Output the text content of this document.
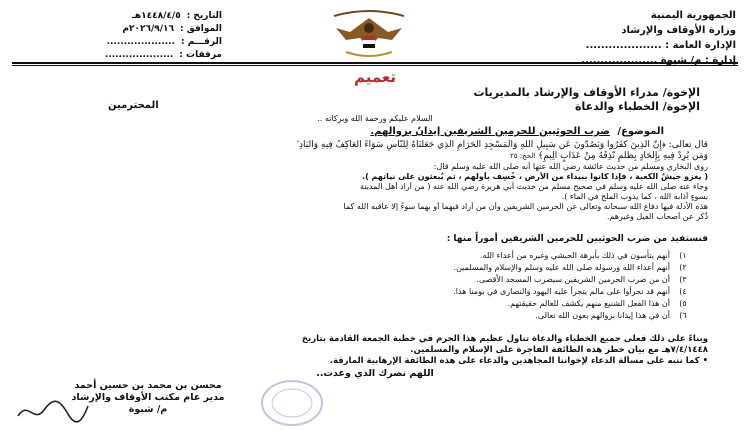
الجمهورية اليمنية
وزارة الأوقاف والإرشاد
الإدارة العامة : ....................
إدارة : م/ شبوة ....................
التاريخ :
١٤٤٨/٤/٥هـ
الموافق :
٢٠٢٦/٩/١٦م
الرقـــم :
....................
مرفقات :
....................
تعميم
الإخوة/ مدراء الأوقاف والإرشاد بالمديريات
الإخوة/ الخطباء والدعاة
المحترمين
السلام عليكم ورحمة الله وبركاته ..
الموضوع/ ضرب الحوثيين للحرمين الشريفين إيذانٌ بزوالهم.

قال تعالى: ﴿إِنَّ الَّذِينَ كَفَرُوا وَيَصُدُّونَ عَن سَبِيلِ اللَّهِ وَالْمَسْجِدِ الْحَرَامِ الَّذِي جَعَلْنَاهُ لِلنَّاسِ سَوَاءً الْعَاكِفُ فِيهِ وَالْبَادِ ۚ

وَمَن يُرِدْ فِيهِ بِإِلْحَادٍ بِظُلْمٍ نُّذِقْهُ مِنْ عَذَابٍ أَلِيمٍ﴾ الحج: ٢٥

روى البخاري ومسلم من حديث عائشة رضي الله عنها أنه صلى الله عليه وسلم قال:

( يغزو جيشٌ الكعبة ، فإذا كانوا ببيداء من الأرض ، خُسِف بأولهم ، ثم يُبعثون على نياتهم ).

وجاء عنه صلى الله عليه وسلم في صحيح مسلم من حديث أبي هريرة رضي الله عنه ( من أراد أهل المدينة

بسوءٍ أذابه الله ، كما يذوب الملح في الماء ).

هذه الأدلة فيها دفاع الله سبحانه وتعالى عن الحرمين الشريفين وأن من أراد فيهما أو بهما سوءً إلا عاقبه الله كما

ذُكر عن أصحاب الفيل وغيرهم.

فنستفيد من ضرب الحوثيين للحرمين الشريفين أموراً منها :
١)
أنهم يتأسون في ذلك بأبرهة الحبشي وغيره من أعداء الله.
٢)
أنهم أعداء الله ورسوله صلى الله عليه وسلم والإسلام والمسلمين.
٣)
أن من ضرب الحرمين الشريفين سيضرب المسجد الأقصى.
٤)
أنهم قد تجرأوا على مالم يتجرأ عليه اليهود والنصارى في يومنا هذا.
٥)
أن هذا الفعل الشنيع منهم يكشف للعالم حقيقتهم.
٦)
أن في هذا إيذانا بزوالهم بعون الله تعالى.

وبناءً على ذلك فعلى جميع الخطباء والدعاة تناول عظيم هذا الجرم في خطبة الجمعة القادمة بتاريخ

٧/٤/١٤٤٨هـ مع بيان خطر هذه الطائفة الفاجرة على الإسلام والمسلمين.

• كما ننبه على مسألة الدعاء لإخواننا المجاهدين والدعاء على هذه الطائفة الإرهابية المارقة.

اللهم نصرك الذي وعدت..
محسن بن محمد بن حسين أحمد
مدير عام مكتب الأوقاف والإرشاد
م/ شبوة
